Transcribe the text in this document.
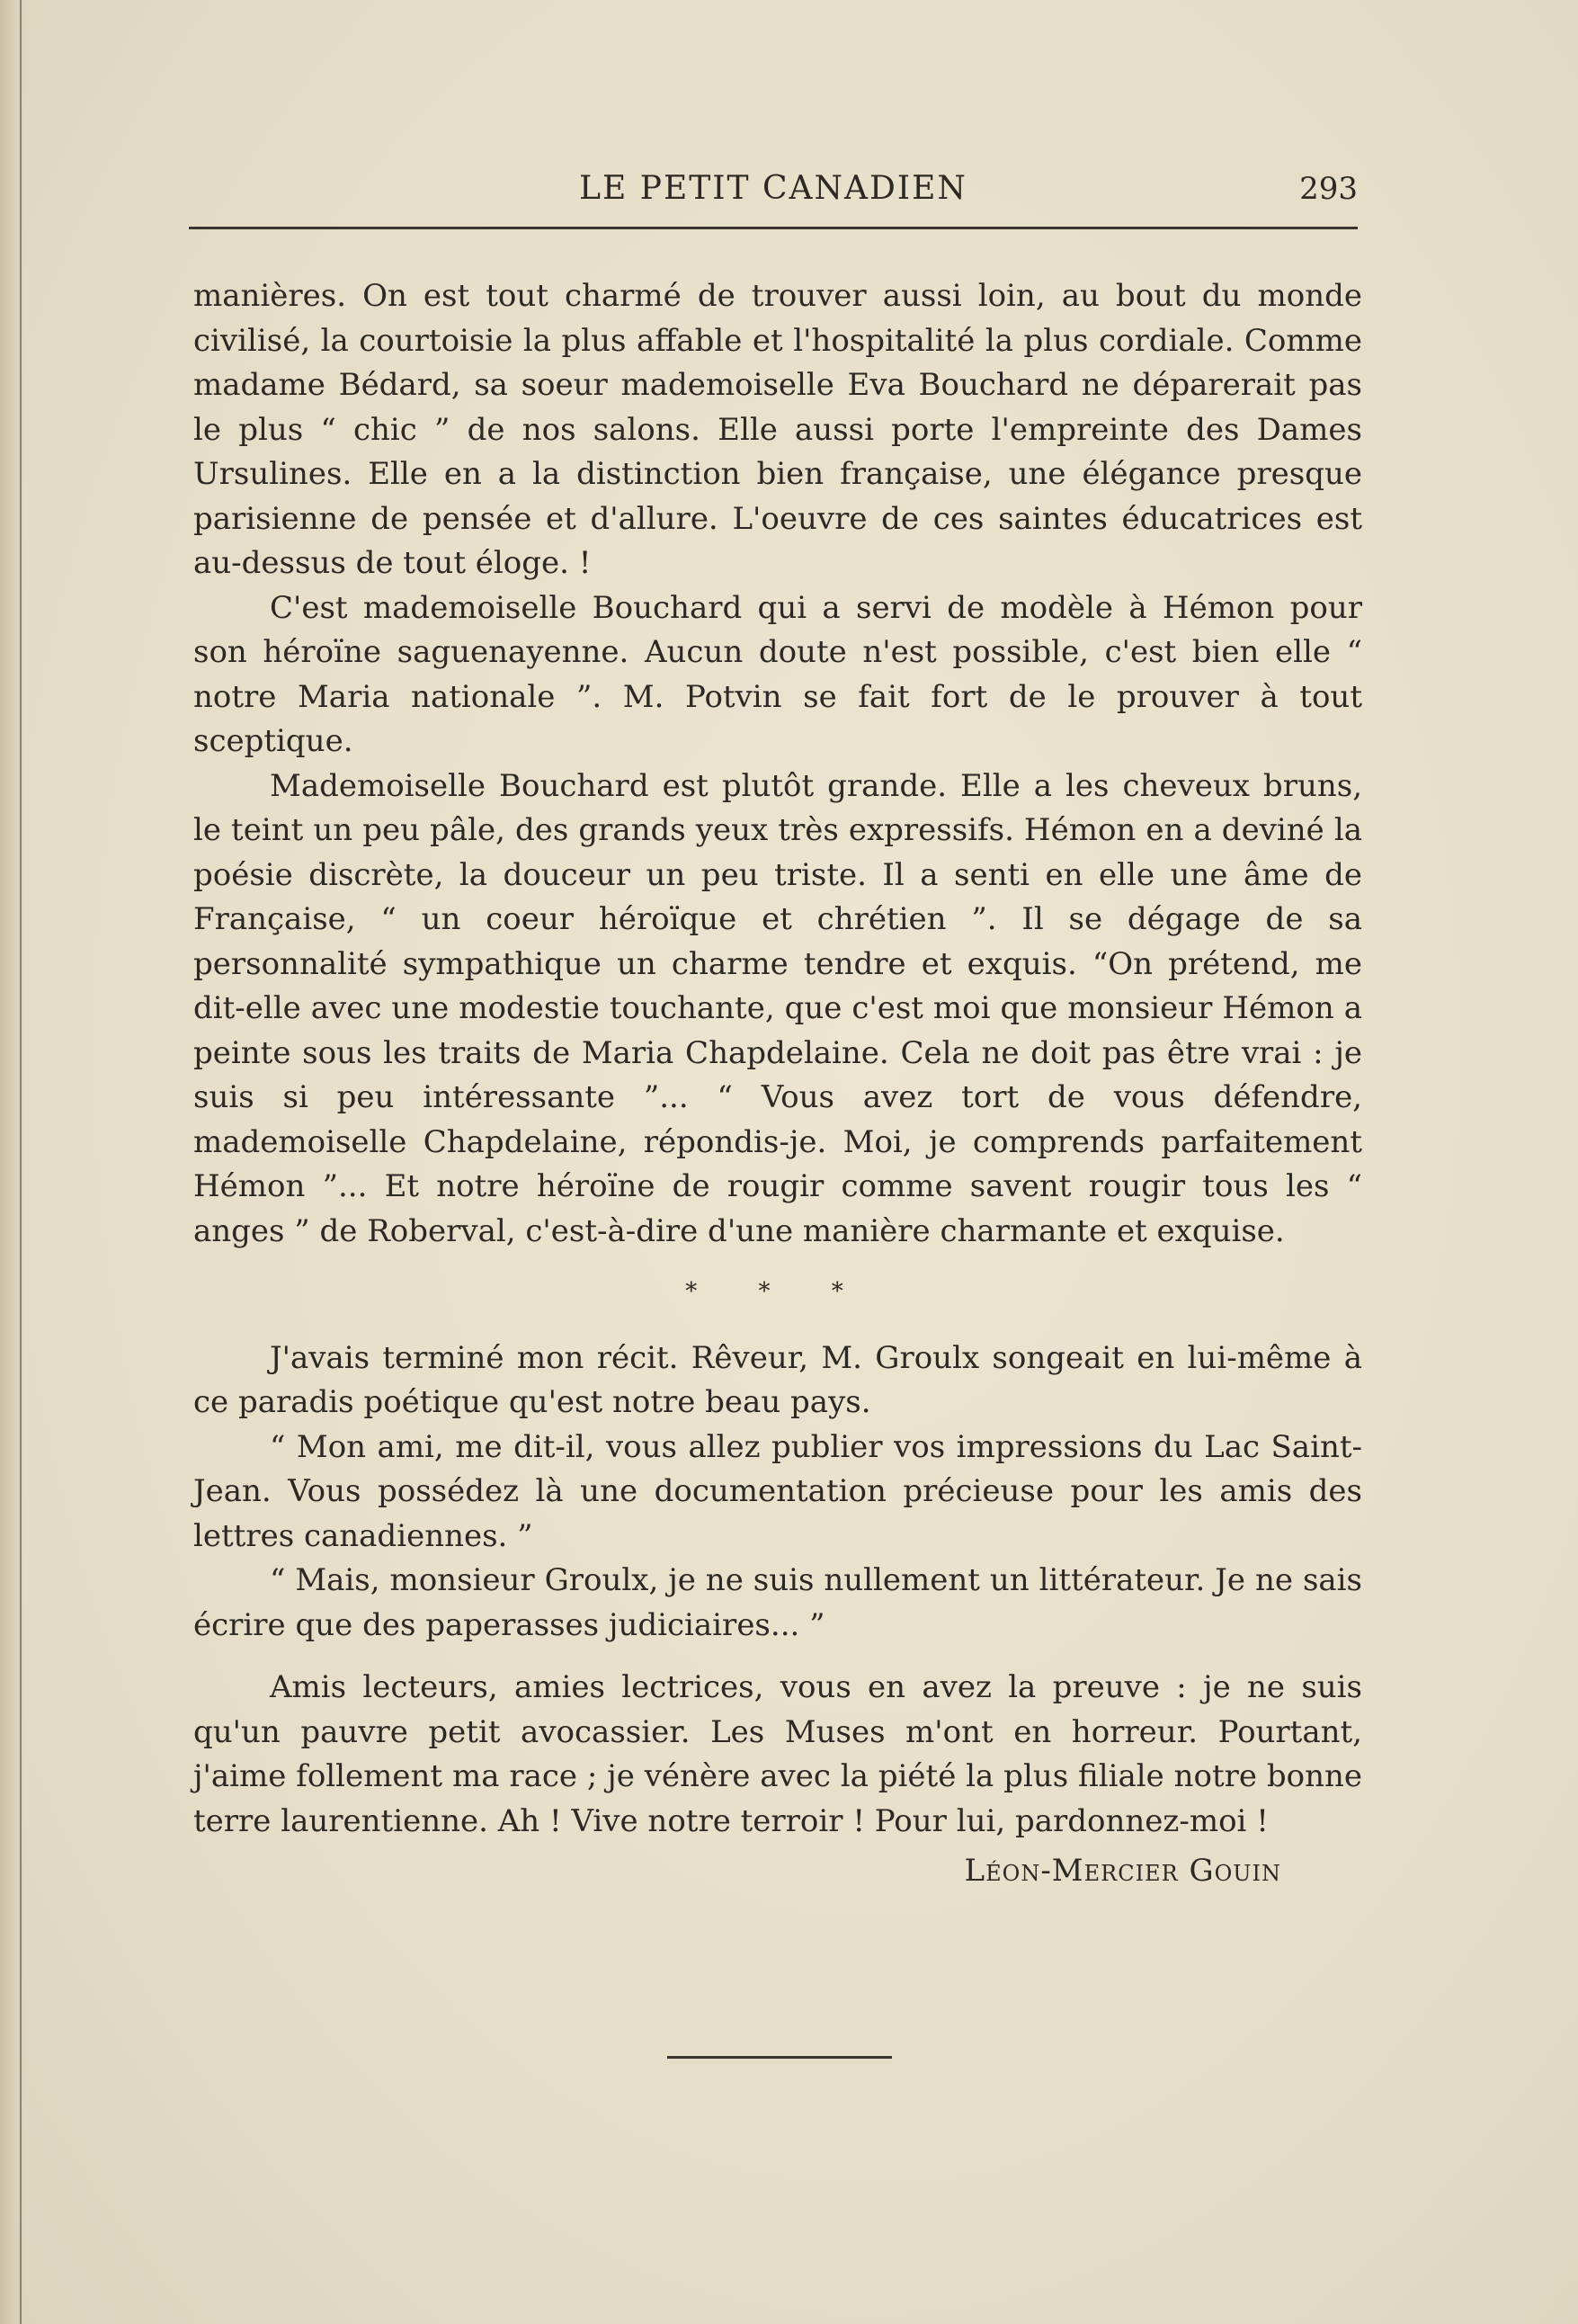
LE PETIT CANADIEN	293

manières. On est tout charmé de trouver aussi loin, au bout du monde civilisé, la courtoisie la plus affable et l'hospitalité la plus cordiale. Comme madame Bédard, sa soeur mademoiselle Eva Bouchard ne déparerait pas le plus “ chic ” de nos salons. Elle aussi porte l'empreinte des Dames Ursulines. Elle en a la distinction bien française, une élégance presque parisienne de pensée et d'allure. L'oeuvre de ces saintes éducatrices est au-dessus de tout éloge. !

C'est mademoiselle Bouchard qui a servi de modèle à Hémon pour son héroïne saguenayenne. Aucun doute n'est possible, c'est bien elle “ notre Maria nationale ”. M. Potvin se fait fort de le prouver à tout sceptique.

Mademoiselle Bouchard est plutôt grande. Elle a les cheveux bruns, le teint un peu pâle, des grands yeux très expressifs. Hémon en a deviné la poésie discrète, la douceur un peu triste. Il a senti en elle une âme de Française, “ un coeur héroïque et chrétien ”. Il se dégage de sa personnalité sympathique un charme tendre et exquis. “On prétend, me dit-elle avec une modestie touchante, que c'est moi que monsieur Hémon a peinte sous les traits de Maria Chapdelaine. Cela ne doit pas être vrai : je suis si peu intéressante ”... “ Vous avez tort de vous défendre, mademoiselle Chapdelaine, répondis-je. Moi, je comprends parfaitement Hémon ”... Et notre héroïne de rougir comme savent rougir tous les “ anges ” de Roberval, c'est-à-dire d'une manière charmante et exquise.

* * *

J'avais terminé mon récit. Rêveur, M. Groulx songeait en lui-même à ce paradis poétique qu'est notre beau pays.

“ Mon ami, me dit-il, vous allez publier vos impressions du Lac Saint-Jean. Vous possédez là une documentation précieuse pour les amis des lettres canadiennes. ”

“ Mais, monsieur Groulx, je ne suis nullement un littérateur. Je ne sais écrire que des paperasses judiciaires... ”

Amis lecteurs, amies lectrices, vous en avez la preuve : je ne suis qu'un pauvre petit avocassier. Les Muses m'ont en horreur. Pourtant, j'aime follement ma race ; je vénère avec la piété la plus filiale notre bonne terre laurentienne. Ah ! Vive notre terroir ! Pour lui, pardonnez-moi !

Léon-Mercier Gouin
